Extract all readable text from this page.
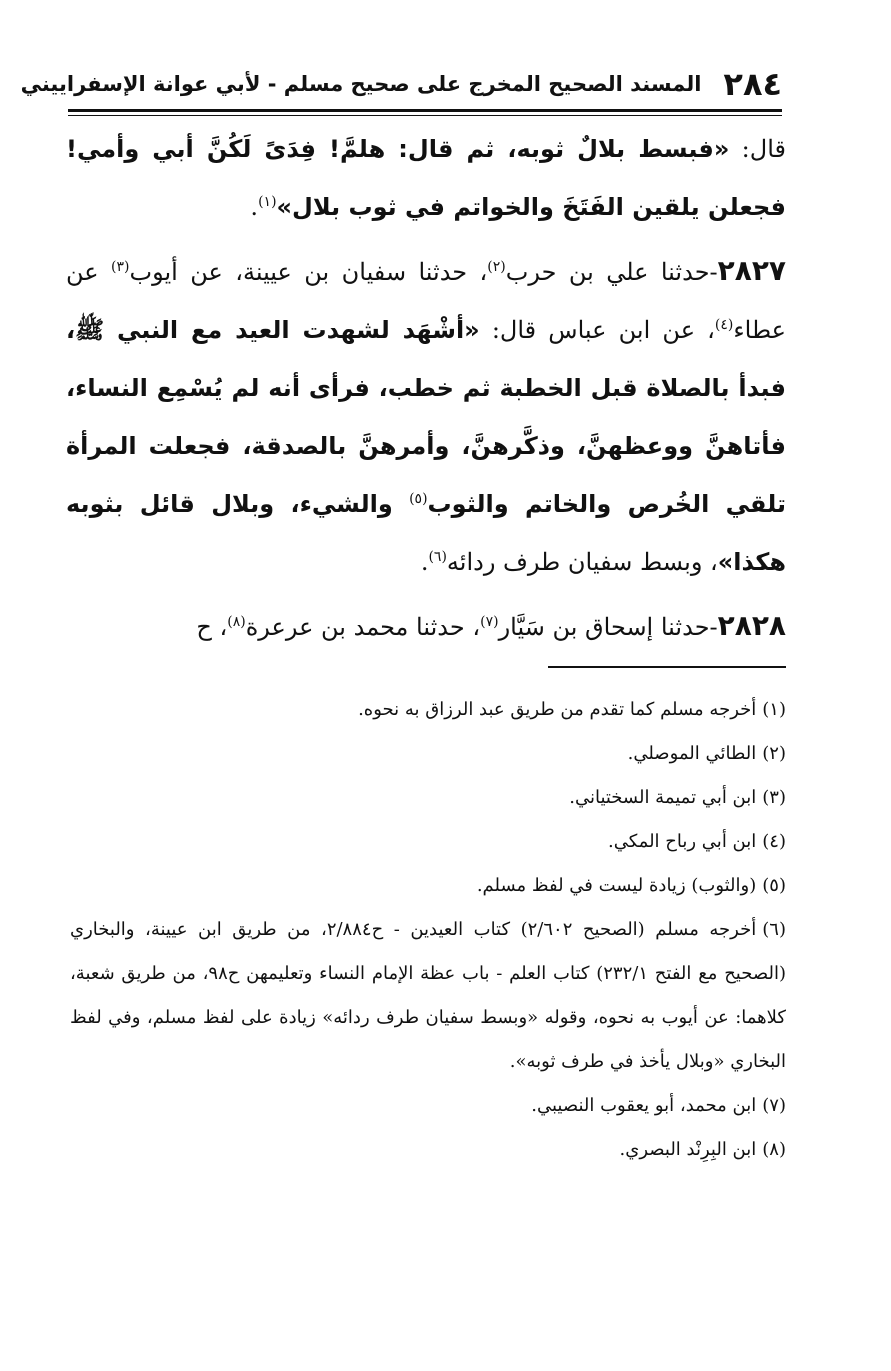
٢٨٤
المسند الصحيح المخرج على صحيح مسلم - لأبي عوانة الإسفراييني

قال: «فبسط بلالٌ ثوبه، ثم قال: هلمَّ! فِدَىً لَكُنَّ أبي وأمي! فجعلن يلقين الفَتَخَ والخواتم في ثوب بلال»$^{(١)}$.

٢٨٢٧-حدثنا علي بن حرب$^{(٢)}$، حدثنا سفيان بن عيينة، عن أيوب$^{(٣)}$ عن عطاء$^{(٤)}$، عن ابن عباس قال: «أشْهَد لشهدت العيد مع النبي ﷺ، فبدأ بالصلاة قبل الخطبة ثم خطب، فرأى أنه لم يُسْمِع النساء، فأتاهنَّ ووعظهنَّ، وذكَّرهنَّ، وأمرهنَّ بالصدقة، فجعلت المرأة تلقي الخُرص والخاتم والثوب$^{(٥)}$ والشيء، وبلال قائل بثوبه هكذا»، وبسط سفيان طرف ردائه$^{(٦)}$.

٢٨٢٨-حدثنا إسحاق بن سَيَّار$^{(٧)}$، حدثنا محمد بن عرعرة$^{(٨)}$، ح

(١)أخرجه مسلم كما تقدم من طريق عبد الرزاق به نحوه.

(٢)الطائي الموصلي.

(٣)ابن أبي تميمة السختياني.

(٤)ابن أبي رباح المكي.

(٥)(والثوب) زيادة ليست في لفظ مسلم.

(٦)أخرجه مسلم (الصحيح ٢/٦٠٢) كتاب العيدين - ح٢/٨٨٤، من طريق ابن عيينة، والبخاري (الصحيح مع الفتح ٢٣٢/١) كتاب العلم - باب عظة الإمام النساء وتعليمهن ح٩٨، من طريق شعبة، كلاهما: عن أيوب به نحوه، وقوله «وبسط سفيان طرف ردائه» زيادة على لفظ مسلم، وفي لفظ البخاري «وبلال يأخذ في طرف ثوبه».

(٧)ابن محمد، أبو يعقوب النصيبي.

(٨)ابن البِرِنْد البصري.
